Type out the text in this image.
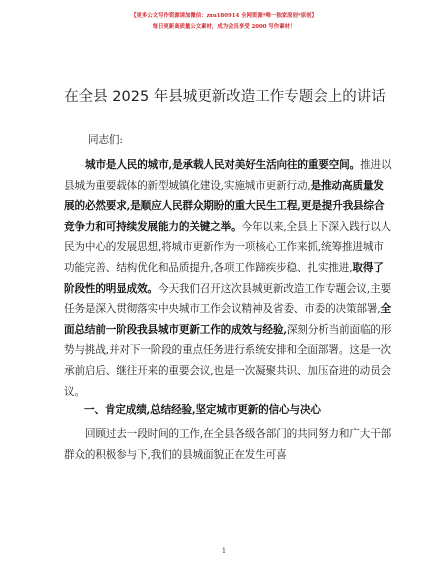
【更多公文写作资源请加微信：zxu180914 全网资源*唯一独家原创*原创】
每日更新高质量公文素材，成为会员享受 2000 写作素材！
在全县 2025 年县城更新改造工作专题会上的讲话
同志们:
城市是人民的城市,是承载人民对美好生活向往的重要空间。推进以县城为重要载体的新型城镇化建设,实施城市更新行动,是推动高质量发展的必然要求,是顺应人民群众期盼的重大民生工程,更是提升我县综合竞争力和可持续发展能力的关键之举。今年以来,全县上下深入践行以人民为中心的发展思想,将城市更新作为一项核心工作来抓,统筹推进城市功能完善、结构优化和品质提升,各项工作蹄疾步稳、扎实推进,取得了阶段性的明显成效。今天我们召开这次县城更新改造工作专题会议,主要任务是深入贯彻落实中央城市工作会议精神及省委、市委的决策部署,全面总结前一阶段我县城市更新工作的成效与经验,深刻分析当前面临的形势与挑战,并对下一阶段的重点任务进行系统安排和全面部署。这是一次承前启后、继往开来的重要会议,也是一次凝聚共识、加压奋进的动员会议。
一、肯定成绩,总结经验,坚定城市更新的信心与决心
回顾过去一段时间的工作,在全县各级各部门的共同努力和广大干部群众的积极参与下,我们的县城面貌正在发生可喜
1
